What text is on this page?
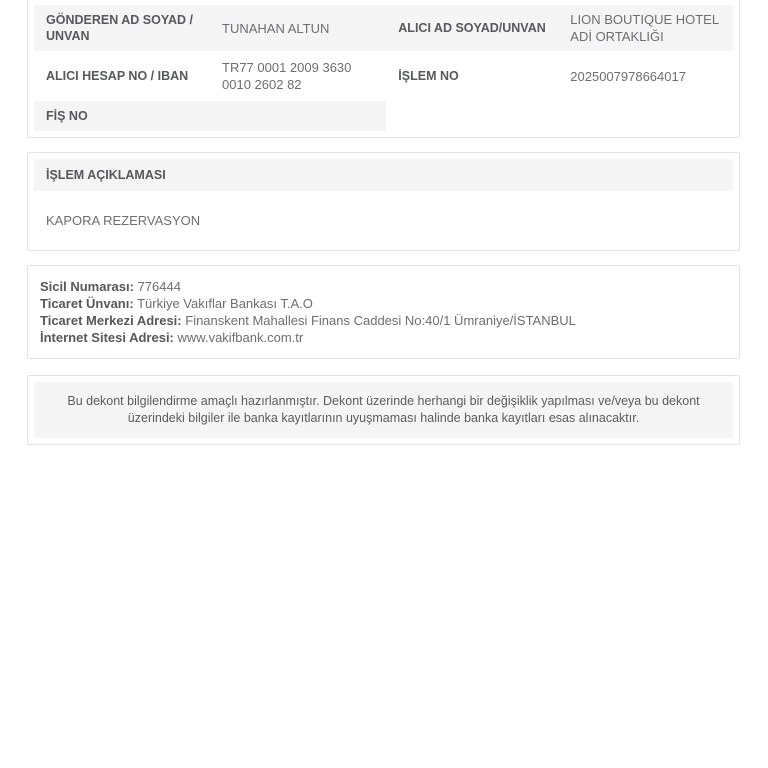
GÖNDEREN AD SOYAD / UNVAN
TUNAHAN ALTUN
ALICI HESAP NO / IBAN
TR77 0001 2009 3630 0010 2602 82
FİŞ NO
ALICI AD SOYAD/UNVAN
LION BOUTIQUE HOTEL ADİ ORTAKLIĞI
İŞLEM NO	2025007978664017
İŞLEM AÇIKLAMASI
KAPORA REZERVASYON
Sicil Numarası: 776444
Ticaret Ünvanı: Türkiye Vakıflar Bankası T.A.O
Ticaret Merkezi Adresi: Finanskent Mahallesi Finans Caddesi No:40/1 Ümraniye/İSTANBUL
İnternet Sitesi Adresi: www.vakifbank.com.tr
Bu dekont bilgilendirme amaçlı hazırlanmıştır. Dekont üzerinde herhangi bir değişiklik yapılması ve/veya bu dekont üzerindeki bilgiler ile banka kayıtlarının uyuşmaması halinde banka kayıtları esas alınacaktır.
